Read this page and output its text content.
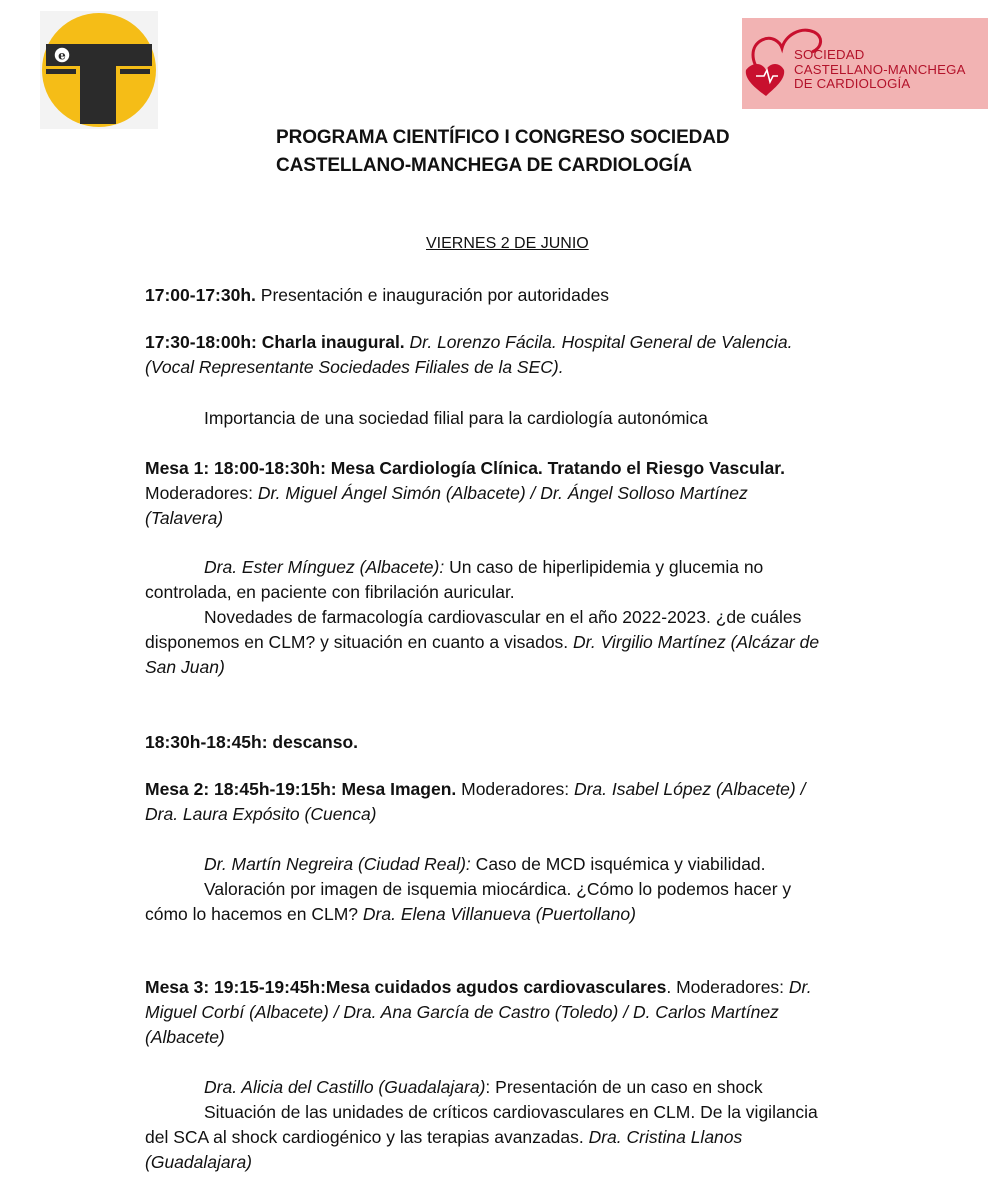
e	SOCIEDAD
CASTELLANO-MANCHEGA
DE CARDIOLOGÍA
PROGRAMA CIENTÍFICO I CONGRESO SOCIEDAD
CASTELLANO-MANCHEGA DE CARDIOLOGÍA
VIERNES 2 DE JUNIO
17:00-17:30h. Presentación e inauguración por autoridades
17:30-18:00h: Charla inaugural. Dr. Lorenzo Fácila. Hospital General de Valencia.
(Vocal Representante Sociedades Filiales de la SEC).
Importancia de una sociedad filial para la cardiología autonómica
Mesa 1: 18:00-18:30h: Mesa Cardiología Clínica. Tratando el Riesgo Vascular.
Moderadores: Dr. Miguel Ángel Simón (Albacete) / Dr. Ángel Solloso Martínez
(Talavera)
Dra. Ester Mínguez (Albacete): Un caso de hiperlipidemia y glucemia no
controlada, en paciente con fibrilación auricular.
Novedades de farmacología cardiovascular en el año 2022-2023. ¿de cuáles
disponemos en CLM? y situación en cuanto a visados. Dr. Virgilio Martínez (Alcázar de
San Juan)
18:30h-18:45h: descanso.
Mesa 2: 18:45h-19:15h: Mesa Imagen. Moderadores: Dra. Isabel López (Albacete) /
Dra. Laura Expósito (Cuenca)
Dr. Martín Negreira (Ciudad Real): Caso de MCD isquémica y viabilidad.
Valoración por imagen de isquemia miocárdica. ¿Cómo lo podemos hacer y
cómo lo hacemos en CLM? Dra. Elena Villanueva (Puertollano)
Mesa 3: 19:15-19:45h:Mesa cuidados agudos cardiovasculares. Moderadores: Dr.
Miguel Corbí (Albacete) / Dra. Ana García de Castro (Toledo) / D. Carlos Martínez
(Albacete)
Dra. Alicia del Castillo (Guadalajara): Presentación de un caso en shock
Situación de las unidades de críticos cardiovasculares en CLM. De la vigilancia
del SCA al shock cardiogénico y las terapias avanzadas. Dra. Cristina Llanos
(Guadalajara)
